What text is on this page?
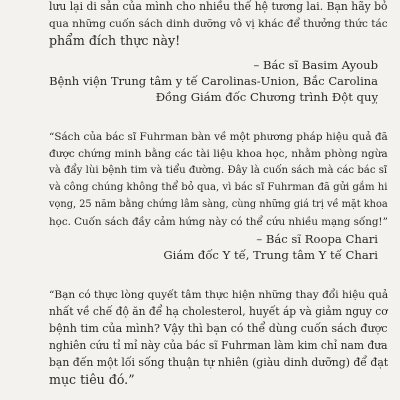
lưu lại di sản của mình cho nhiều thế hệ tương lai. Bạn hãy bỏ
qua những cuốn sách dinh dưỡng vô vị khác để thưởng thức tác
phẩm đích thực này!
– Bác sĩ Basim Ayoub
Bệnh viện Trung tâm y tế Carolinas-Union, Bắc Carolina
Đồng Giám đốc Chương trình Đột quỵ
“Sách của bác sĩ Fuhrman bàn về một phương pháp hiệu quả đã
được chứng minh bằng các tài liệu khoa học, nhằm phòng ngừa
và đẩy lùi bệnh tim và tiểu đường. Đây là cuốn sách mà các bác sĩ
và công chúng không thể bỏ qua, vì bác sĩ Fuhrman đã gửi gắm hi
vọng, 25 năm bằng chứng lâm sàng, cùng những giá trị về mặt khoa
học. Cuốn sách đầy cảm hứng này có thể cứu nhiều mạng sống!”
– Bác sĩ Roopa Chari
Giám đốc Y tế, Trung tâm Y tế Chari
“Bạn có thực lòng quyết tâm thực hiện những thay đổi hiệu quả
nhất về chế độ ăn để hạ cholesterol, huyết áp và giảm nguy cơ
bệnh tim của mình? Vậy thì bạn có thể dùng cuốn sách được
nghiên cứu tỉ mỉ này của bác sĩ Fuhrman làm kim chỉ nam đưa
bạn đến một lối sống thuận tự nhiên (giàu dinh dưỡng) để đạt
mục tiêu đó.”
